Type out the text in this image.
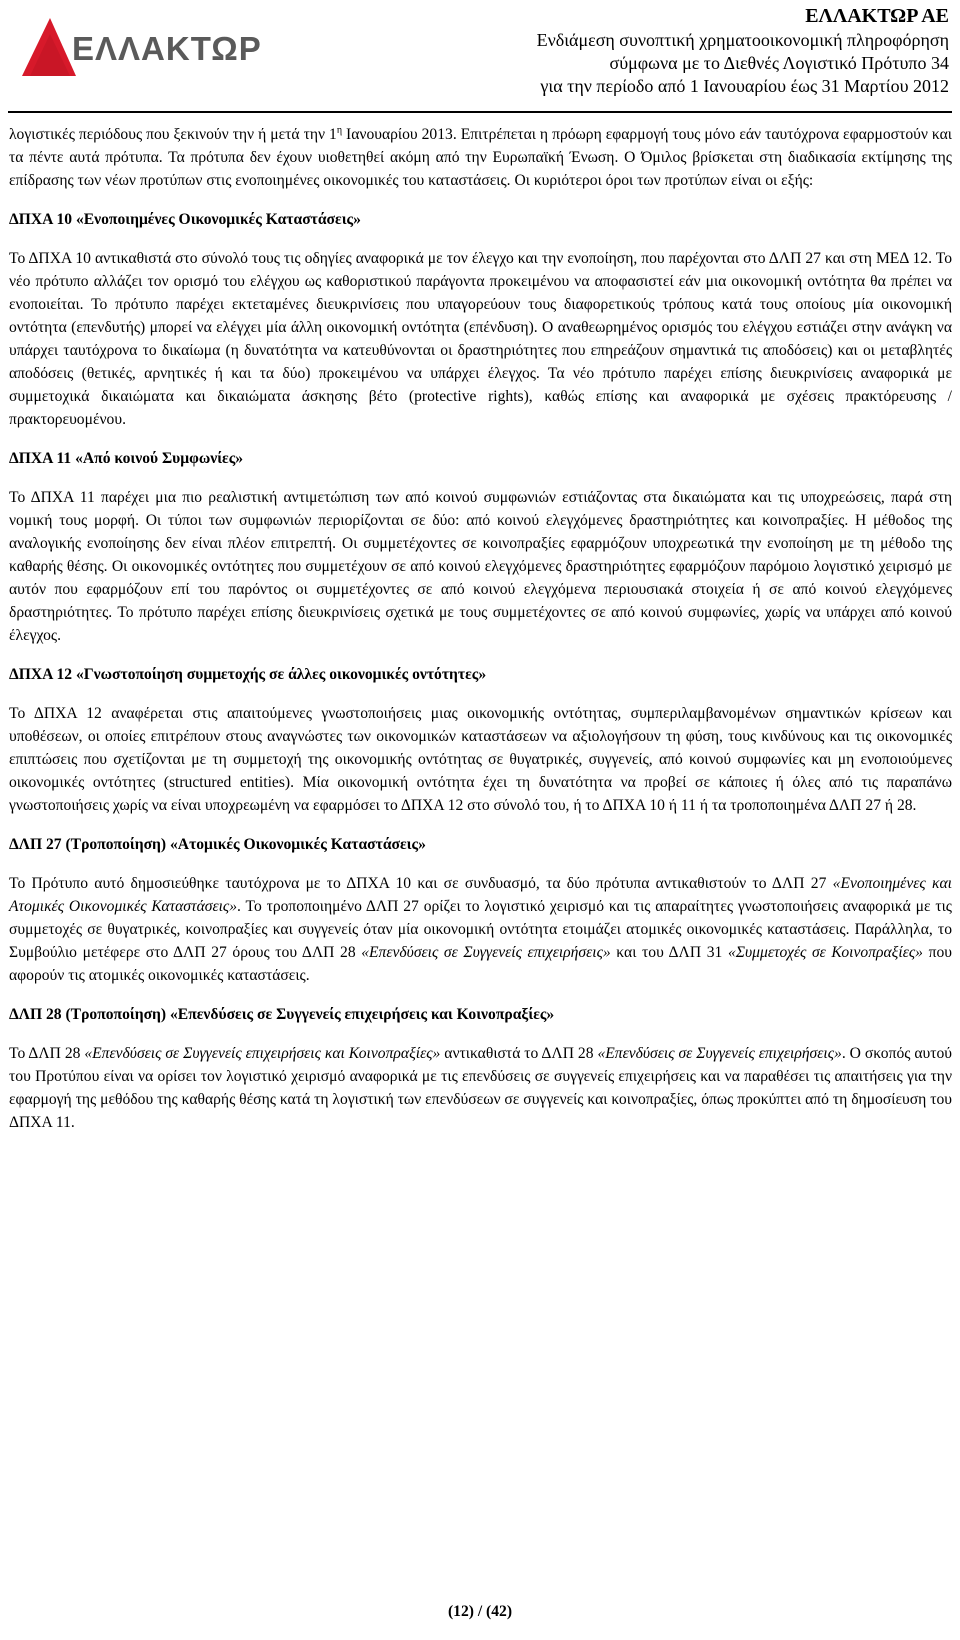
ΕΛΛΑΚΤΩΡ
ΕΛΛΑΚΤΩΡ ΑΕ
Ενδιάμεση συνοπτική χρηματοοικονομική πληροφόρηση
σύμφωνα με το Διεθνές Λογιστικό Πρότυπο 34
για την περίοδο από 1 Ιανουαρίου έως 31 Μαρτίου 2012

λογιστικές περιόδους που ξεκινούν την ή μετά την $1^\eta$ Ιανουαρίου 2013. Επιτρέπεται η πρόωρη εφαρμογή τους μόνο εάν ταυτόχρονα εφαρμοστούν και τα πέντε αυτά πρότυπα. Τα πρότυπα δεν έχουν υιοθετηθεί ακόμη από την Ευρωπαϊκή Ένωση. Ο Όμιλος βρίσκεται στη διαδικασία εκτίμησης της επίδρασης των νέων προτύπων στις ενοποιημένες οικονομικές του καταστάσεις. Οι κυριότεροι όροι των προτύπων είναι οι εξής:

ΔΠΧΑ 10 «Ενοποιημένες Οικονομικές Καταστάσεις»

Το ΔΠΧΑ 10 αντικαθιστά στο σύνολό τους τις οδηγίες αναφορικά με τον έλεγχο και την ενοποίηση, που παρέχονται στο ΔΛΠ 27 και στη ΜΕΔ 12. Το νέο πρότυπο αλλάζει τον ορισμό του ελέγχου ως καθοριστικού παράγοντα προκειμένου να αποφασιστεί εάν μια οικονομική οντότητα θα πρέπει να ενοποιείται. Το πρότυπο παρέχει εκτεταμένες διευκρινίσεις που υπαγορεύουν τους διαφορετικούς τρόπους κατά τους οποίους μία οικονομική οντότητα (επενδυτής) μπορεί να ελέγχει μία άλλη οικονομική οντότητα (επένδυση). Ο αναθεωρημένος ορισμός του ελέγχου εστιάζει στην ανάγκη να υπάρχει ταυτόχρονα το δικαίωμα (η δυνατότητα να κατευθύνονται οι δραστηριότητες που επηρεάζουν σημαντικά τις αποδόσεις) και οι μεταβλητές αποδόσεις (θετικές, αρνητικές ή και τα δύο) προκειμένου να υπάρχει έλεγχος. Τα νέο πρότυπο παρέχει επίσης διευκρινίσεις αναφορικά με συμμετοχικά δικαιώματα και δικαιώματα άσκησης βέτο (protective rights), καθώς επίσης και αναφορικά με σχέσεις πρακτόρευσης / πρακτορευομένου.

ΔΠΧΑ 11 «Από κοινού Συμφωνίες»

Το ΔΠΧΑ 11 παρέχει μια πιο ρεαλιστική αντιμετώπιση των από κοινού συμφωνιών εστιάζοντας στα δικαιώματα και τις υποχρεώσεις, παρά στη νομική τους μορφή. Οι τύποι των συμφωνιών περιορίζονται σε δύο: από κοινού ελεγχόμενες δραστηριότητες και κοινοπραξίες. Η μέθοδος της αναλογικής ενοποίησης δεν είναι πλέον επιτρεπτή. Οι συμμετέχοντες σε κοινοπραξίες εφαρμόζουν υποχρεωτικά την ενοποίηση με τη μέθοδο της καθαρής θέσης. Οι οικονομικές οντότητες που συμμετέχουν σε από κοινού ελεγχόμενες δραστηριότητες εφαρμόζουν παρόμοιο λογιστικό χειρισμό με αυτόν που εφαρμόζουν επί του παρόντος οι συμμετέχοντες σε από κοινού ελεγχόμενα περιουσιακά στοιχεία ή σε από κοινού ελεγχόμενες δραστηριότητες. Το πρότυπο παρέχει επίσης διευκρινίσεις σχετικά με τους συμμετέχοντες σε από κοινού συμφωνίες, χωρίς να υπάρχει από κοινού έλεγχος.

ΔΠΧΑ 12 «Γνωστοποίηση συμμετοχής σε άλλες οικονομικές οντότητες»

Το ΔΠΧΑ 12 αναφέρεται στις απαιτούμενες γνωστοποιήσεις μιας οικονομικής οντότητας, συμπεριλαμβανομένων σημαντικών κρίσεων και υποθέσεων, οι οποίες επιτρέπουν στους αναγνώστες των οικονομικών καταστάσεων να αξιολογήσουν τη φύση, τους κινδύνους και τις οικονομικές επιπτώσεις που σχετίζονται με τη συμμετοχή της οικονομικής οντότητας σε θυγατρικές, συγγενείς, από κοινού συμφωνίες και μη ενοποιούμενες οικονομικές οντότητες (structured entities). Μία οικονομική οντότητα έχει τη δυνατότητα να προβεί σε κάποιες ή όλες από τις παραπάνω γνωστοποιήσεις χωρίς να είναι υποχρεωμένη να εφαρμόσει το ΔΠΧΑ 12 στο σύνολό του, ή το ΔΠΧΑ 10 ή 11 ή τα τροποποιημένα ΔΛΠ 27 ή 28.

ΔΛΠ 27 (Τροποποίηση) «Ατομικές Οικονομικές Καταστάσεις»

Το Πρότυπο αυτό δημοσιεύθηκε ταυτόχρονα με το ΔΠΧΑ 10 και σε συνδυασμό, τα δύο πρότυπα αντικαθιστούν το ΔΛΠ 27 «Ενοποιημένες και Ατομικές Οικονομικές Καταστάσεις». Το τροποποιημένο ΔΛΠ 27 ορίζει το λογιστικό χειρισμό και τις απαραίτητες γνωστοποιήσεις αναφορικά με τις συμμετοχές σε θυγατρικές, κοινοπραξίες και συγγενείς όταν μία οικονομική οντότητα ετοιμάζει ατομικές οικονομικές καταστάσεις. Παράλληλα, το Συμβούλιο μετέφερε στο ΔΛΠ 27 όρους του ΔΛΠ 28 «Επενδύσεις σε Συγγενείς επιχειρήσεις» και του ΔΛΠ 31 «Συμμετοχές σε Κοινοπραξίες» που αφορούν τις ατομικές οικονομικές καταστάσεις.

ΔΛΠ 28 (Τροποποίηση) «Επενδύσεις σε Συγγενείς επιχειρήσεις και Κοινοπραξίες»

Το ΔΛΠ 28 «Επενδύσεις σε Συγγενείς επιχειρήσεις και Κοινοπραξίες» αντικαθιστά το ΔΛΠ 28 «Επενδύσεις σε Συγγενείς επιχειρήσεις». Ο σκοπός αυτού του Προτύπου είναι να ορίσει τον λογιστικό χειρισμό αναφορικά με τις επενδύσεις σε συγγενείς επιχειρήσεις και να παραθέσει τις απαιτήσεις για την εφαρμογή της μεθόδου της καθαρής θέσης κατά τη λογιστική των επενδύσεων σε συγγενείς και κοινοπραξίες, όπως προκύπτει από τη δημοσίευση του ΔΠΧΑ 11.

(12) / (42)
